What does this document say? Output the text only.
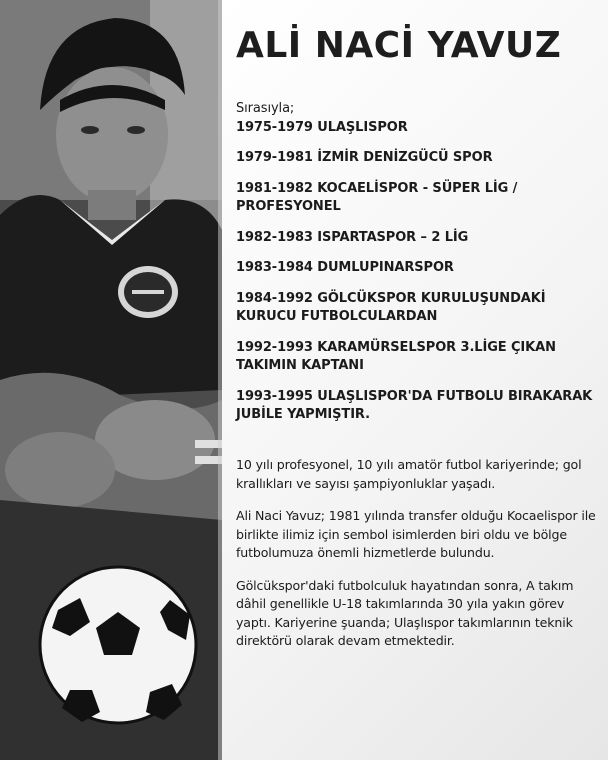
ALİ NACİ YAVUZ
Sırasıyla;
1975-1979 ULAŞLISPOR
1979-1981 İZMİR DENİZGÜCÜ SPOR
1981-1982 KOCAELİSPOR - SÜPER LİG / PROFESYONEL
1982-1983 ISPARTASPOR – 2 LİG
1983-1984 DUMLUPINARSPOR
1984-1992 GÖLCÜKSPOR KURULUŞUNDAKİ KURUCU FUTBOLCULARDAN
1992-1993 KARAMÜRSELSPOR 3.LİGE ÇIKAN TAKIMIN KAPTANI
1993-1995 ULAŞLISPOR'DA FUTBOLU BIRAKARAK JUBİLE YAPMIŞTIR.

10 yılı profesyonel, 10 yılı amatör futbol kariyerinde; gol krallıkları ve sayısı şampiyonluklar yaşadı.

Ali Naci Yavuz; 1981 yılında transfer olduğu Kocaelispor ile birlikte ilimiz için sembol isimlerden biri oldu ve bölge futbolumuza önemli hizmetlerde bulundu.

Gölcükspor'daki futbolculuk hayatından sonra, A takım dâhil genellikle U-18 takımlarında 30 yıla yakın görev yaptı. Kariyerine şuanda; Ulaşlıspor takımlarının teknik direktörü olarak devam etmektedir.
